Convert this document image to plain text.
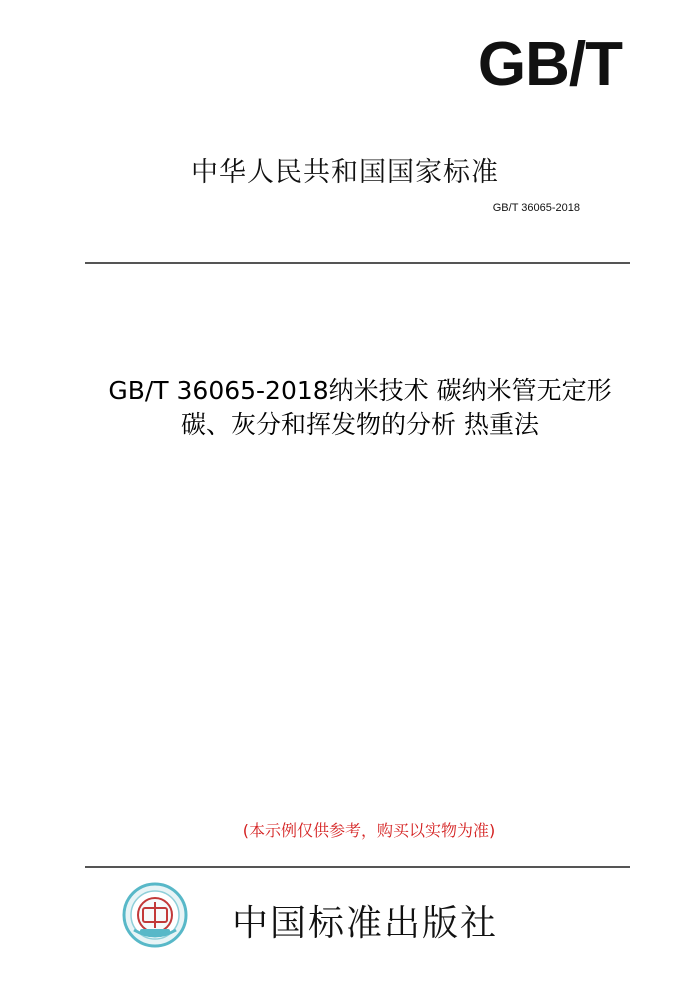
GB/T
中华人民共和国国家标准
GB/T 36065-2018
GB/T 36065-2018纳米技术 碳纳米管无定形
碳、灰分和挥发物的分析 热重法
(本示例仅供参考，购买以实物为准)
中国标准出版社
